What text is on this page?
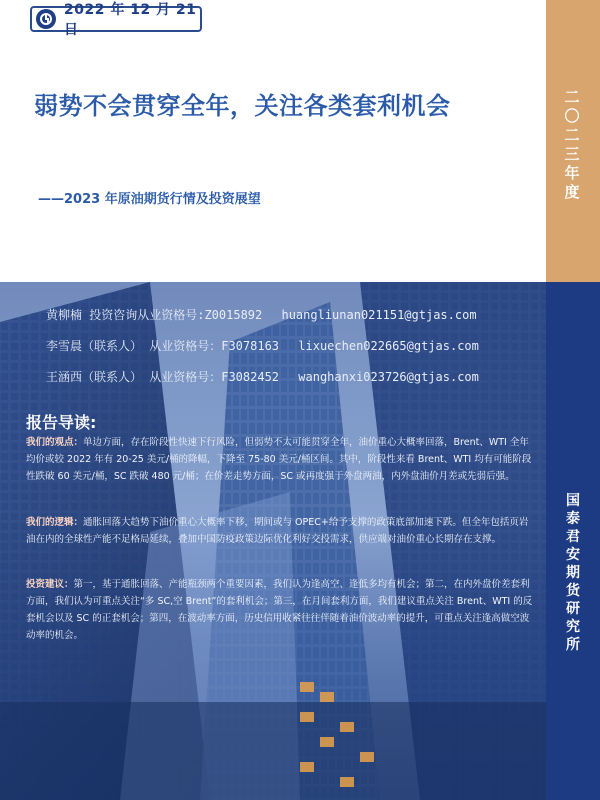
2022 年 12 月 21 日
弱势不会贯穿全年，关注各类套利机会
——2023 年原油期货行情及投资展望
二〇二三年度
国泰君安期货研究所
黄柳楠 投资咨询从业资格号:Z0015892 huangliunan021151@gtjas.com
李雪晨（联系人） 从业资格号：F3078163 lixuechen022665@gtjas.com
王涵西（联系人） 从业资格号：F3082452 wanghanxi023726@gtjas.com
报告导读:
我们的观点：单边方面，存在阶段性快速下行风险，但弱势不太可能贯穿全年，油价重心大概率回落，Brent、WTI 全年均价或较 2022 年有 20-25 美元/桶的降幅，下降至 75-80 美元/桶区间。其中，阶段性来看 Brent、WTI 均有可能阶段性跌破 60 美元/桶，SC 跌破 480 元/桶；在价差走势方面，SC 或再度强于外盘两油，内外盘油价月差或先弱后强。
我们的逻辑：通胀回落大趋势下油价重心大概率下移，期间或与 OPEC+给予支撑的政策底部加速下跌。但全年包括页岩油在内的全球性产能不足格局延续，叠加中国防疫政策边际优化利好交投需求，供应端对油价重心长期存在支撑。
投资建议：第一，基于通胀回落、产能瓶颈两个重要因素，我们认为逢高空、逢低多均有机会；第二，在内外盘价差套利方面，我们认为可重点关注“多 SC,空 Brent”的套利机会；第三，在月间套利方面，我们建议重点关注 Brent、WTI 的反套机会以及 SC 的正套机会；第四，在波动率方面，历史信用收紧往往伴随着油价波动率的提升，可重点关注逢高做空波动率的机会。
